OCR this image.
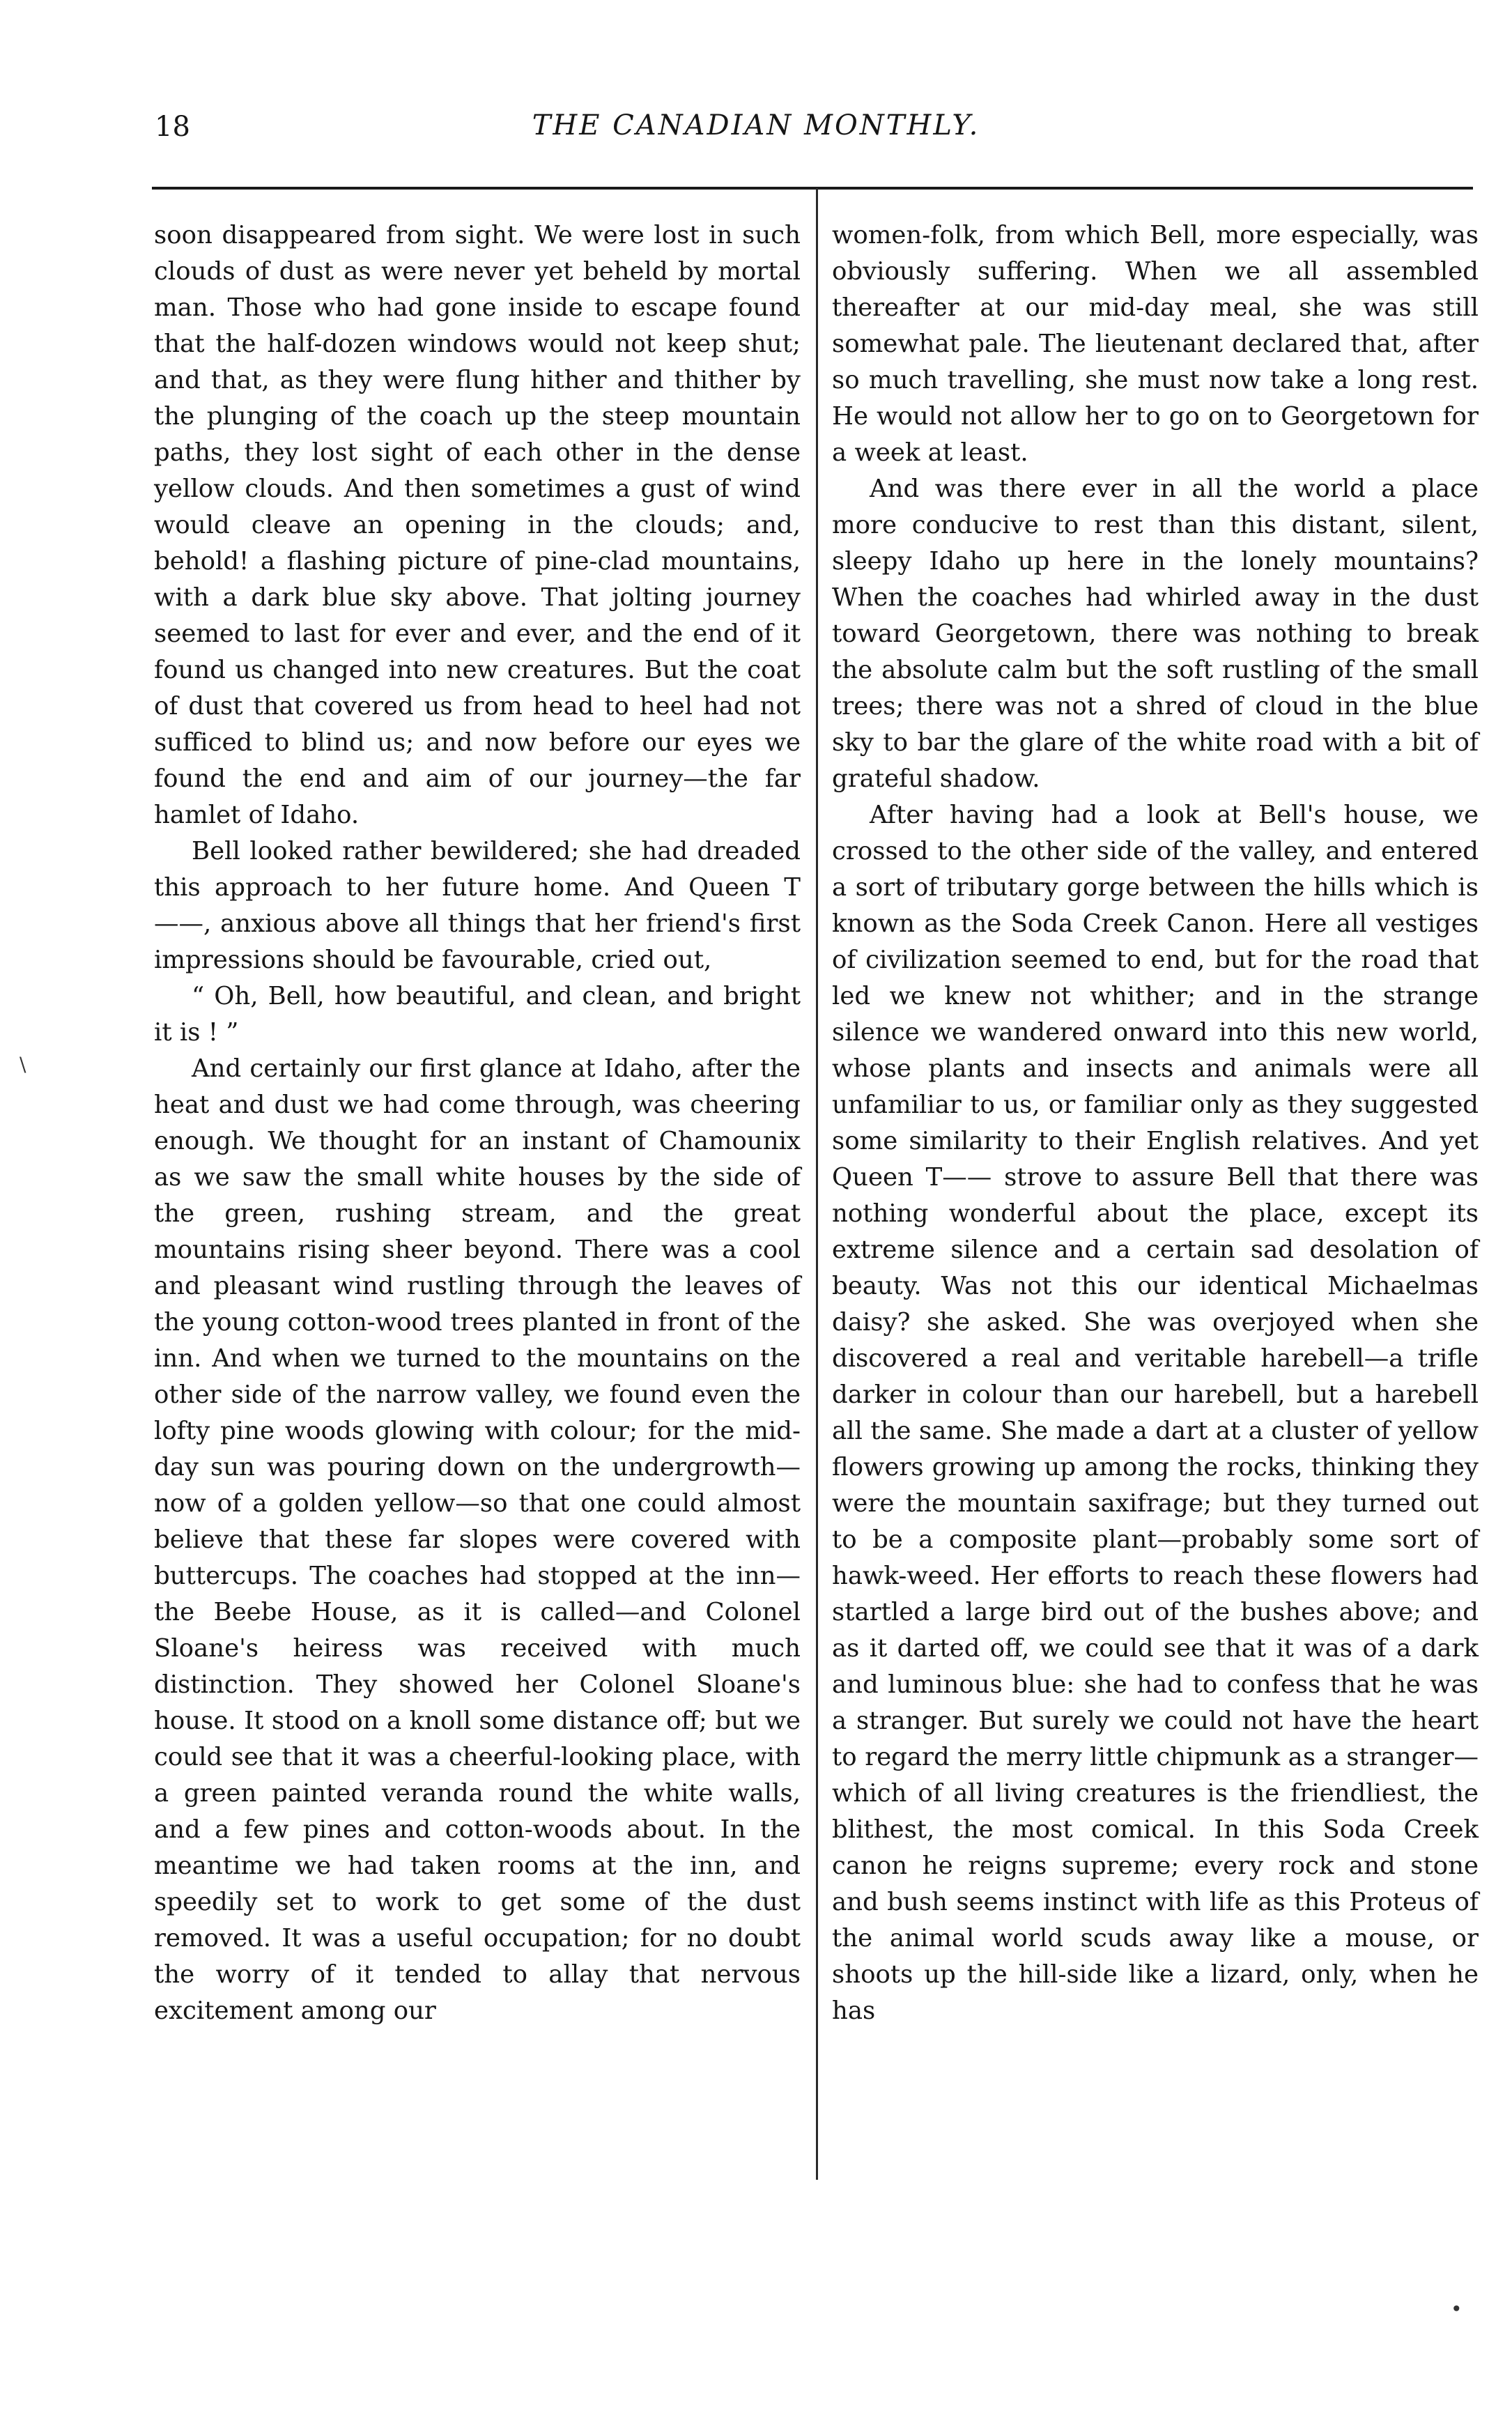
18	THE CANADIAN MONTHLY.

soon disappeared from sight. We were lost in such clouds of dust as were never yet beheld by mortal man. Those who had gone inside to escape found that the half-dozen windows would not keep shut; and that, as they were flung hither and thither by the plunging of the coach up the steep mountain paths, they lost sight of each other in the dense yellow clouds. And then sometimes a gust of wind would cleave an opening in the clouds; and, behold! a flashing picture of pine-clad mountains, with a dark blue sky above. That jolting journey seemed to last for ever and ever, and the end of it found us changed into new creatures. But the coat of dust that covered us from head to heel had not sufficed to blind us; and now before our eyes we found the end and aim of our journey—the far hamlet of Idaho.

Bell looked rather bewildered; she had dreaded this approach to her future home. And Queen T——, anxious above all things that her friend's first impressions should be favourable, cried out,

“ Oh, Bell, how beautiful, and clean, and bright it is ! ”

And certainly our first glance at Idaho, after the heat and dust we had come through, was cheering enough. We thought for an instant of Chamounix as we saw the small white houses by the side of the green, rushing stream, and the great mountains rising sheer beyond. There was a cool and pleasant wind rustling through the leaves of the young cotton-wood trees planted in front of the inn. And when we turned to the mountains on the other side of the narrow valley, we found even the lofty pine woods glowing with colour; for the mid-day sun was pouring down on the undergrowth—now of a golden yellow—so that one could almost believe that these far slopes were covered with buttercups. The coaches had stopped at the inn—the Beebe House, as it is called—and Colonel Sloane's heiress was received with much distinction. They showed her Colonel Sloane's house. It stood on a knoll some distance off; but we could see that it was a cheerful-looking place, with a green painted veranda round the white walls, and a few pines and cotton-woods about. In the meantime we had taken rooms at the inn, and speedily set to work to get some of the dust removed. It was a useful occupation; for no doubt the worry of it tended to allay that nervous excitement among our

women-folk, from which Bell, more especially, was obviously suffering. When we all assembled thereafter at our mid-day meal, she was still somewhat pale. The lieutenant declared that, after so much travelling, she must now take a long rest. He would not allow her to go on to Georgetown for a week at least.

And was there ever in all the world a place more conducive to rest than this distant, silent, sleepy Idaho up here in the lonely mountains? When the coaches had whirled away in the dust toward Georgetown, there was nothing to break the absolute calm but the soft rustling of the small trees; there was not a shred of cloud in the blue sky to bar the glare of the white road with a bit of grateful shadow.

After having had a look at Bell's house, we crossed to the other side of the valley, and entered a sort of tributary gorge between the hills which is known as the Soda Creek Canon. Here all vestiges of civilization seemed to end, but for the road that led we knew not whither; and in the strange silence we wandered onward into this new world, whose plants and insects and animals were all unfamiliar to us, or familiar only as they suggested some similarity to their English relatives. And yet Queen T—— strove to assure Bell that there was nothing wonderful about the place, except its extreme silence and a certain sad desolation of beauty. Was not this our identical Michaelmas daisy? she asked. She was overjoyed when she discovered a real and veritable harebell—a trifle darker in colour than our harebell, but a harebell all the same. She made a dart at a cluster of yellow flowers growing up among the rocks, thinking they were the mountain saxifrage; but they turned out to be a composite plant—probably some sort of hawk-weed. Her efforts to reach these flowers had startled a large bird out of the bushes above; and as it darted off, we could see that it was of a dark and luminous blue: she had to confess that he was a stranger. But surely we could not have the heart to regard the merry little chipmunk as a stranger—which of all living creatures is the friendliest, the blithest, the most comical. In this Soda Creek canon he reigns supreme; every rock and stone and bush seems instinct with life as this Proteus of the animal world scuds away like a mouse, or shoots up the hill-side like a lizard, only, when he has

\
•
